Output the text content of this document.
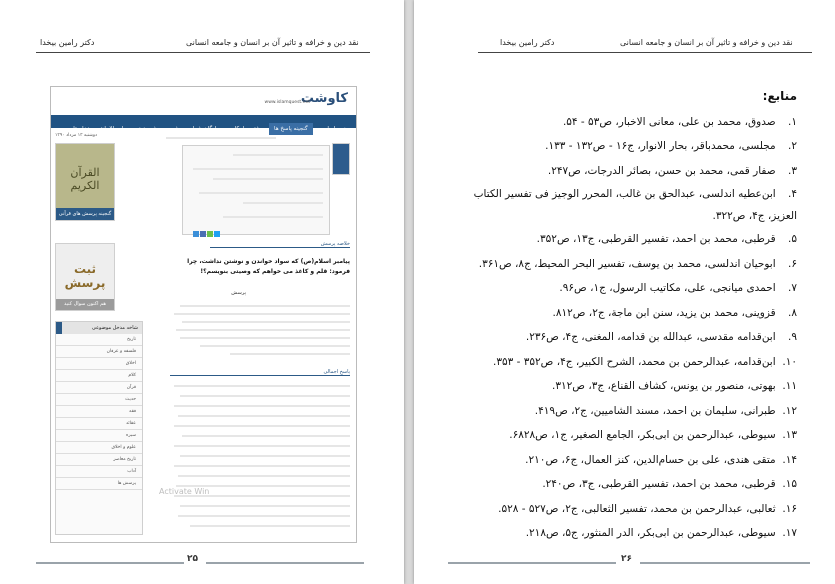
دکتر رامین بیخدا	نقد دین و خرافه و تاثیر آن بر انسان و جامعه انسانی
کاوشت
www.islamquest.net
صفحه اصلی گنجینه پاسخ ها فقه و احکام ارگان شما ثبت پرسش جدید اصطلاحات و مدخل ها
دوشنبه ۱۳ مرداد ۱۳۹۰
القرآن الكريم
گنجینه پرسش های قرآنی
ثبت پرسش
هم اکنون سوال کنید
خلاصه پرسش
پیامبر اسلام(ص) که سواد خواندن و نوشتن نداشت، چرا فرمود: قلم و کاغذ می خواهم که وصیتی بنویسم؟!
پرسش
پاسخ اجمالی
شاخه مدخل موضوعی
تاریخ
فلسفه و عرفان
اخلاق
کلام
قرآن
حدیث
فقه
عقائد
سیره
علوم و اخلاق
تاریخ معاصر
آداب
پرسش ها
Activate Win
۲۵
دکتر رامین بیخدا	نقد دین و خرافه و تاثیر آن بر انسان و جامعه انسانی
منابع:
۱. صدوق، محمد بن علی، معانی الاخبار، ص۵۳ - ۵۴.
۲. مجلسی، محمدباقر، بحار الانوار، ج۱۶ - ص۱۳۲ - ۱۳۳.
۳. صفار قمی، محمد بن حسن، بصائر الدرجات، ص۲۴۷.
۴. ابن‌عطیه اندلسی، عبدالحق بن غالب، المحرر الوجیز فی تفسیر الکتاب العزیز، ج۴، ص۳۲۲.
۵. قرطبی، محمد بن احمد، تفسیر القرطبی، ج۱۳، ص۳۵۲.
۶. ابوحیان اندلسی، محمد بن یوسف، تفسیر البحر المحیط، ج۸، ص۳۶۱.
۷. احمدی میانجی، علی، مکاتیب الرسول، ج۱، ص۹۶.
۸. قزوینی، محمد بن یزید، سنن ابن ماجة، ج۲، ص۸۱۲.
۹. ابن‌قدامه مقدسی، عبدالله بن قدامه، المغنی، ج۴، ص۲۳۶.
۱۰. ابن‌قدامه، عبدالرحمن بن محمد، الشرح الکبیر، ج۴، ص۳۵۲ - ۳۵۳.
۱۱. بهوتی، منصور بن یونس، کشاف القناع، ج۳، ص۳۱۲.
۱۲. طبرانی، سلیمان بن احمد، مسند الشامیین، ج۲، ص۴۱۹.
۱۳. سیوطی، عبدالرحمن بن ابی‌بکر، الجامع الصغیر، ج۱، ص۶۸۲۸.
۱۴. متقی هندی، علی بن حسام‌الدین، کنز العمال، ج۶، ص۲۱۰.
۱۵. قرطبی، محمد بن احمد، تفسیر القرطبی، ج۳، ص۲۴۰.
۱۶. ثعالبی، عبدالرحمن بن محمد، تفسیر الثعالبی، ج۲، ص۵۲۷ - ۵۲۸.
۱۷. سیوطی، عبدالرحمن بن ابی‌بکر، الدر المنثور، ج۵، ص۲۱۸.
۲۶
